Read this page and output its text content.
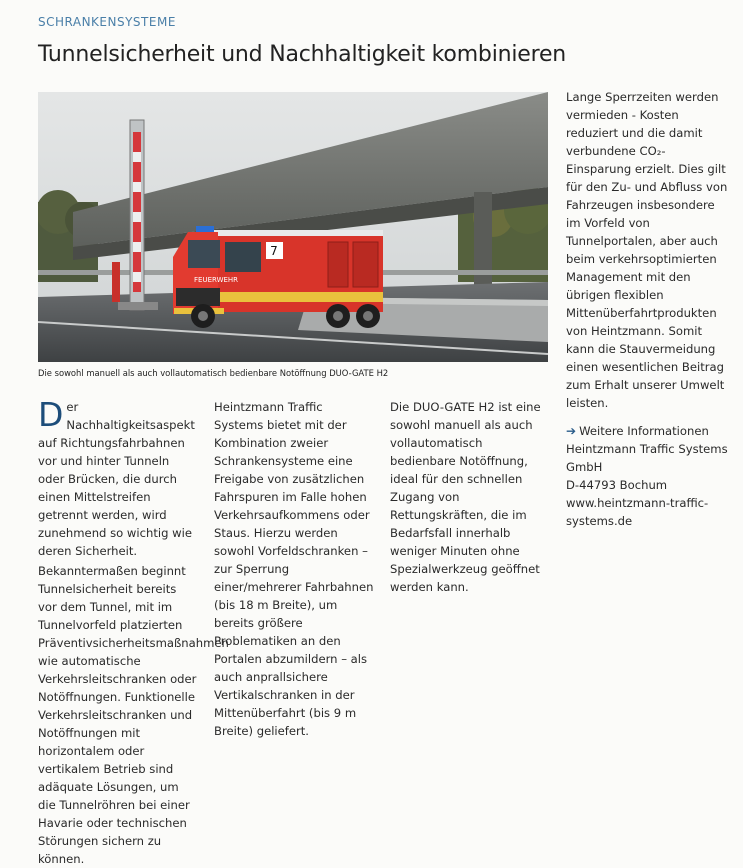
SCHRANKENSYSTEME
Tunnelsicherheit und Nachhaltigkeit kombinieren
7
FEUERWEHR
Die sowohl manuell als auch vollautomatisch bedienbare Notöffnung DUO-GATE H2
Der Nachhaltigkeitsaspekt auf Richtungsfahrbahnen vor und hinter Tunneln oder Brücken, die durch einen Mittelstreifen getrennt werden, wird zunehmend so wichtig wie deren Sicherheit.

Bekanntermaßen beginnt Tunnelsicherheit bereits vor dem Tunnel, mit im Tunnelvorfeld platzierten Präventivsicherheitsmaßnahmen wie automatische Verkehrsleitschranken oder Notöffnungen. Funktionelle Verkehrsleitschranken und Notöffnungen mit horizontalem oder vertikalem Betrieb sind adäquate Lösungen, um die Tunnelröhren bei einer Havarie oder technischen Störungen sichern zu können.

Heintzmann Traffic Systems bietet mit der Kombination zweier Schrankensysteme eine Freigabe von zusätzlichen Fahrspuren im Falle hohen Verkehrsaufkommens oder Staus. Hierzu werden sowohl Vorfeldschranken – zur Sperrung einer/mehrerer Fahrbahnen (bis 18 m Breite), um bereits größere Problematiken an den Portalen abzumildern – als auch anprallsichere Vertikalschranken in der Mittenüberfahrt (bis 9 m Breite) geliefert.

Die DUO-GATE H2 ist eine sowohl manuell als auch vollautomatisch bedienbare Notöffnung, ideal für den schnellen Zugang von Rettungskräften, die im Bedarfsfall innerhalb weniger Minuten ohne Spezialwerkzeug geöffnet werden kann.

Lange Sperrzeiten werden vermieden - Kosten reduziert und die damit verbundene CO₂-Einsparung erzielt. Dies gilt für den Zu- und Abfluss von Fahrzeugen insbesondere im Vorfeld von Tunnelportalen, aber auch beim verkehrsoptimierten Management mit den übrigen flexiblen Mittenüberfahrtprodukten von Heintzmann. Somit kann die Stauvermeidung einen wesentlichen Beitrag zum Erhalt unserer Umwelt leisten.

➔ Weitere Informationen
Heintzmann Traffic Systems GmbH
D-44793 Bochum
www.heintzmann-traffic-systems.de
